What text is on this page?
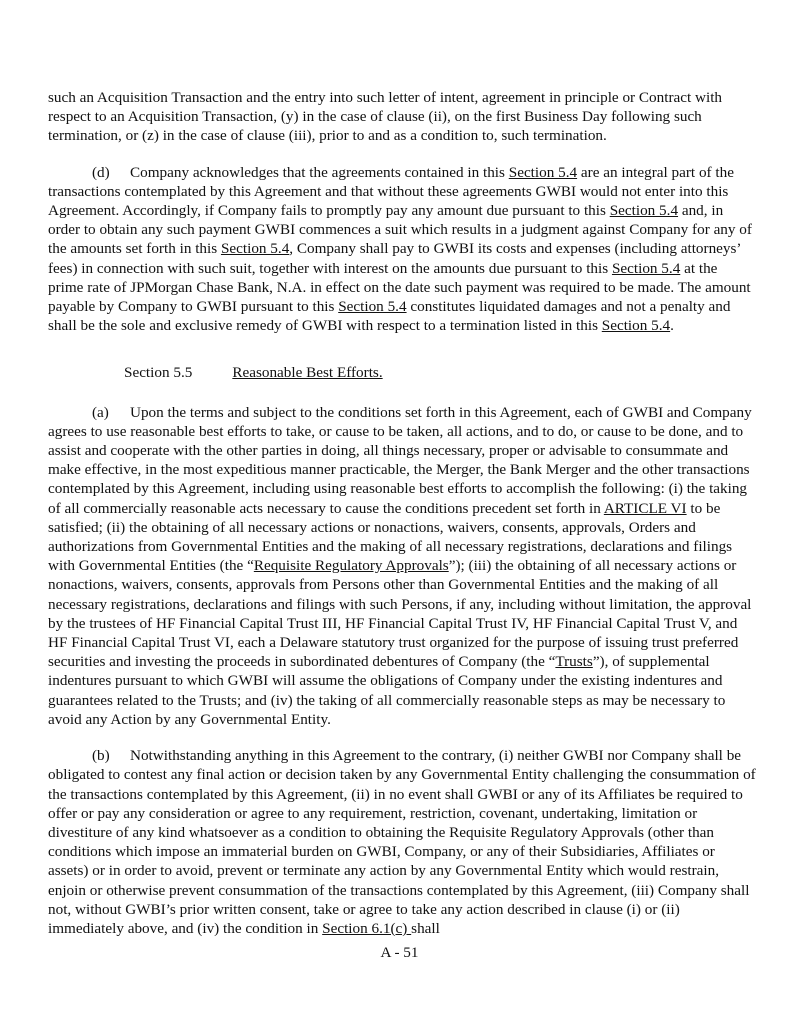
such an Acquisition Transaction and the entry into such letter of intent, agreement in principle or Contract with respect to an Acquisition Transaction, (y) in the case of clause (ii), on the first Business Day following such termination, or (z) in the case of clause (iii), prior to and as a condition to, such termination.

(d) Company acknowledges that the agreements contained in this Section 5.4 are an integral part of the transactions contemplated by this Agreement and that without these agreements GWBI would not enter into this Agreement. Accordingly, if Company fails to promptly pay any amount due pursuant to this Section 5.4 and, in order to obtain any such payment GWBI commences a suit which results in a judgment against Company for any of the amounts set forth in this Section 5.4, Company shall pay to GWBI its costs and expenses (including attorneys’ fees) in connection with such suit, together with interest on the amounts due pursuant to this Section 5.4 at the prime rate of JPMorgan Chase Bank, N.A. in effect on the date such payment was required to be made. The amount payable by Company to GWBI pursuant to this Section 5.4 constitutes liquidated damages and not a penalty and shall be the sole and exclusive remedy of GWBI with respect to a termination listed in this Section 5.4.

Section 5.5	Reasonable Best Efforts.

(a) Upon the terms and subject to the conditions set forth in this Agreement, each of GWBI and Company agrees to use reasonable best efforts to take, or cause to be taken, all actions, and to do, or cause to be done, and to assist and cooperate with the other parties in doing, all things necessary, proper or advisable to consummate and make effective, in the most expeditious manner practicable, the Merger, the Bank Merger and the other transactions contemplated by this Agreement, including using reasonable best efforts to accomplish the following: (i) the taking of all commercially reasonable acts necessary to cause the conditions precedent set forth in ARTICLE VI to be satisfied; (ii) the obtaining of all necessary actions or nonactions, waivers, consents, approvals, Orders and authorizations from Governmental Entities and the making of all necessary registrations, declarations and filings with Governmental Entities (the “Requisite Regulatory Approvals”); (iii) the obtaining of all necessary actions or nonactions, waivers, consents, approvals from Persons other than Governmental Entities and the making of all necessary registrations, declarations and filings with such Persons, if any, including without limitation, the approval by the trustees of HF Financial Capital Trust III, HF Financial Capital Trust IV, HF Financial Capital Trust V, and HF Financial Capital Trust VI, each a Delaware statutory trust organized for the purpose of issuing trust preferred securities and investing the proceeds in subordinated debentures of Company (the “Trusts”), of supplemental indentures pursuant to which GWBI will assume the obligations of Company under the existing indentures and guarantees related to the Trusts; and (iv) the taking of all commercially reasonable steps as may be necessary to avoid any Action by any Governmental Entity.

(b) Notwithstanding anything in this Agreement to the contrary, (i) neither GWBI nor Company shall be obligated to contest any final action or decision taken by any Governmental Entity challenging the consummation of the transactions contemplated by this Agreement, (ii) in no event shall GWBI or any of its Affiliates be required to offer or pay any consideration or agree to any requirement, restriction, covenant, undertaking, limitation or divestiture of any kind whatsoever as a condition to obtaining the Requisite Regulatory Approvals (other than conditions which impose an immaterial burden on GWBI, Company, or any of their Subsidiaries, Affiliates or assets) or in order to avoid, prevent or terminate any action by any Governmental Entity which would restrain, enjoin or otherwise prevent consummation of the transactions contemplated by this Agreement, (iii) Company shall not, without GWBI’s prior written consent, take or agree to take any action described in clause (i) or (ii) immediately above, and (iv) the condition in Section 6.1(c) shall

A - 51
